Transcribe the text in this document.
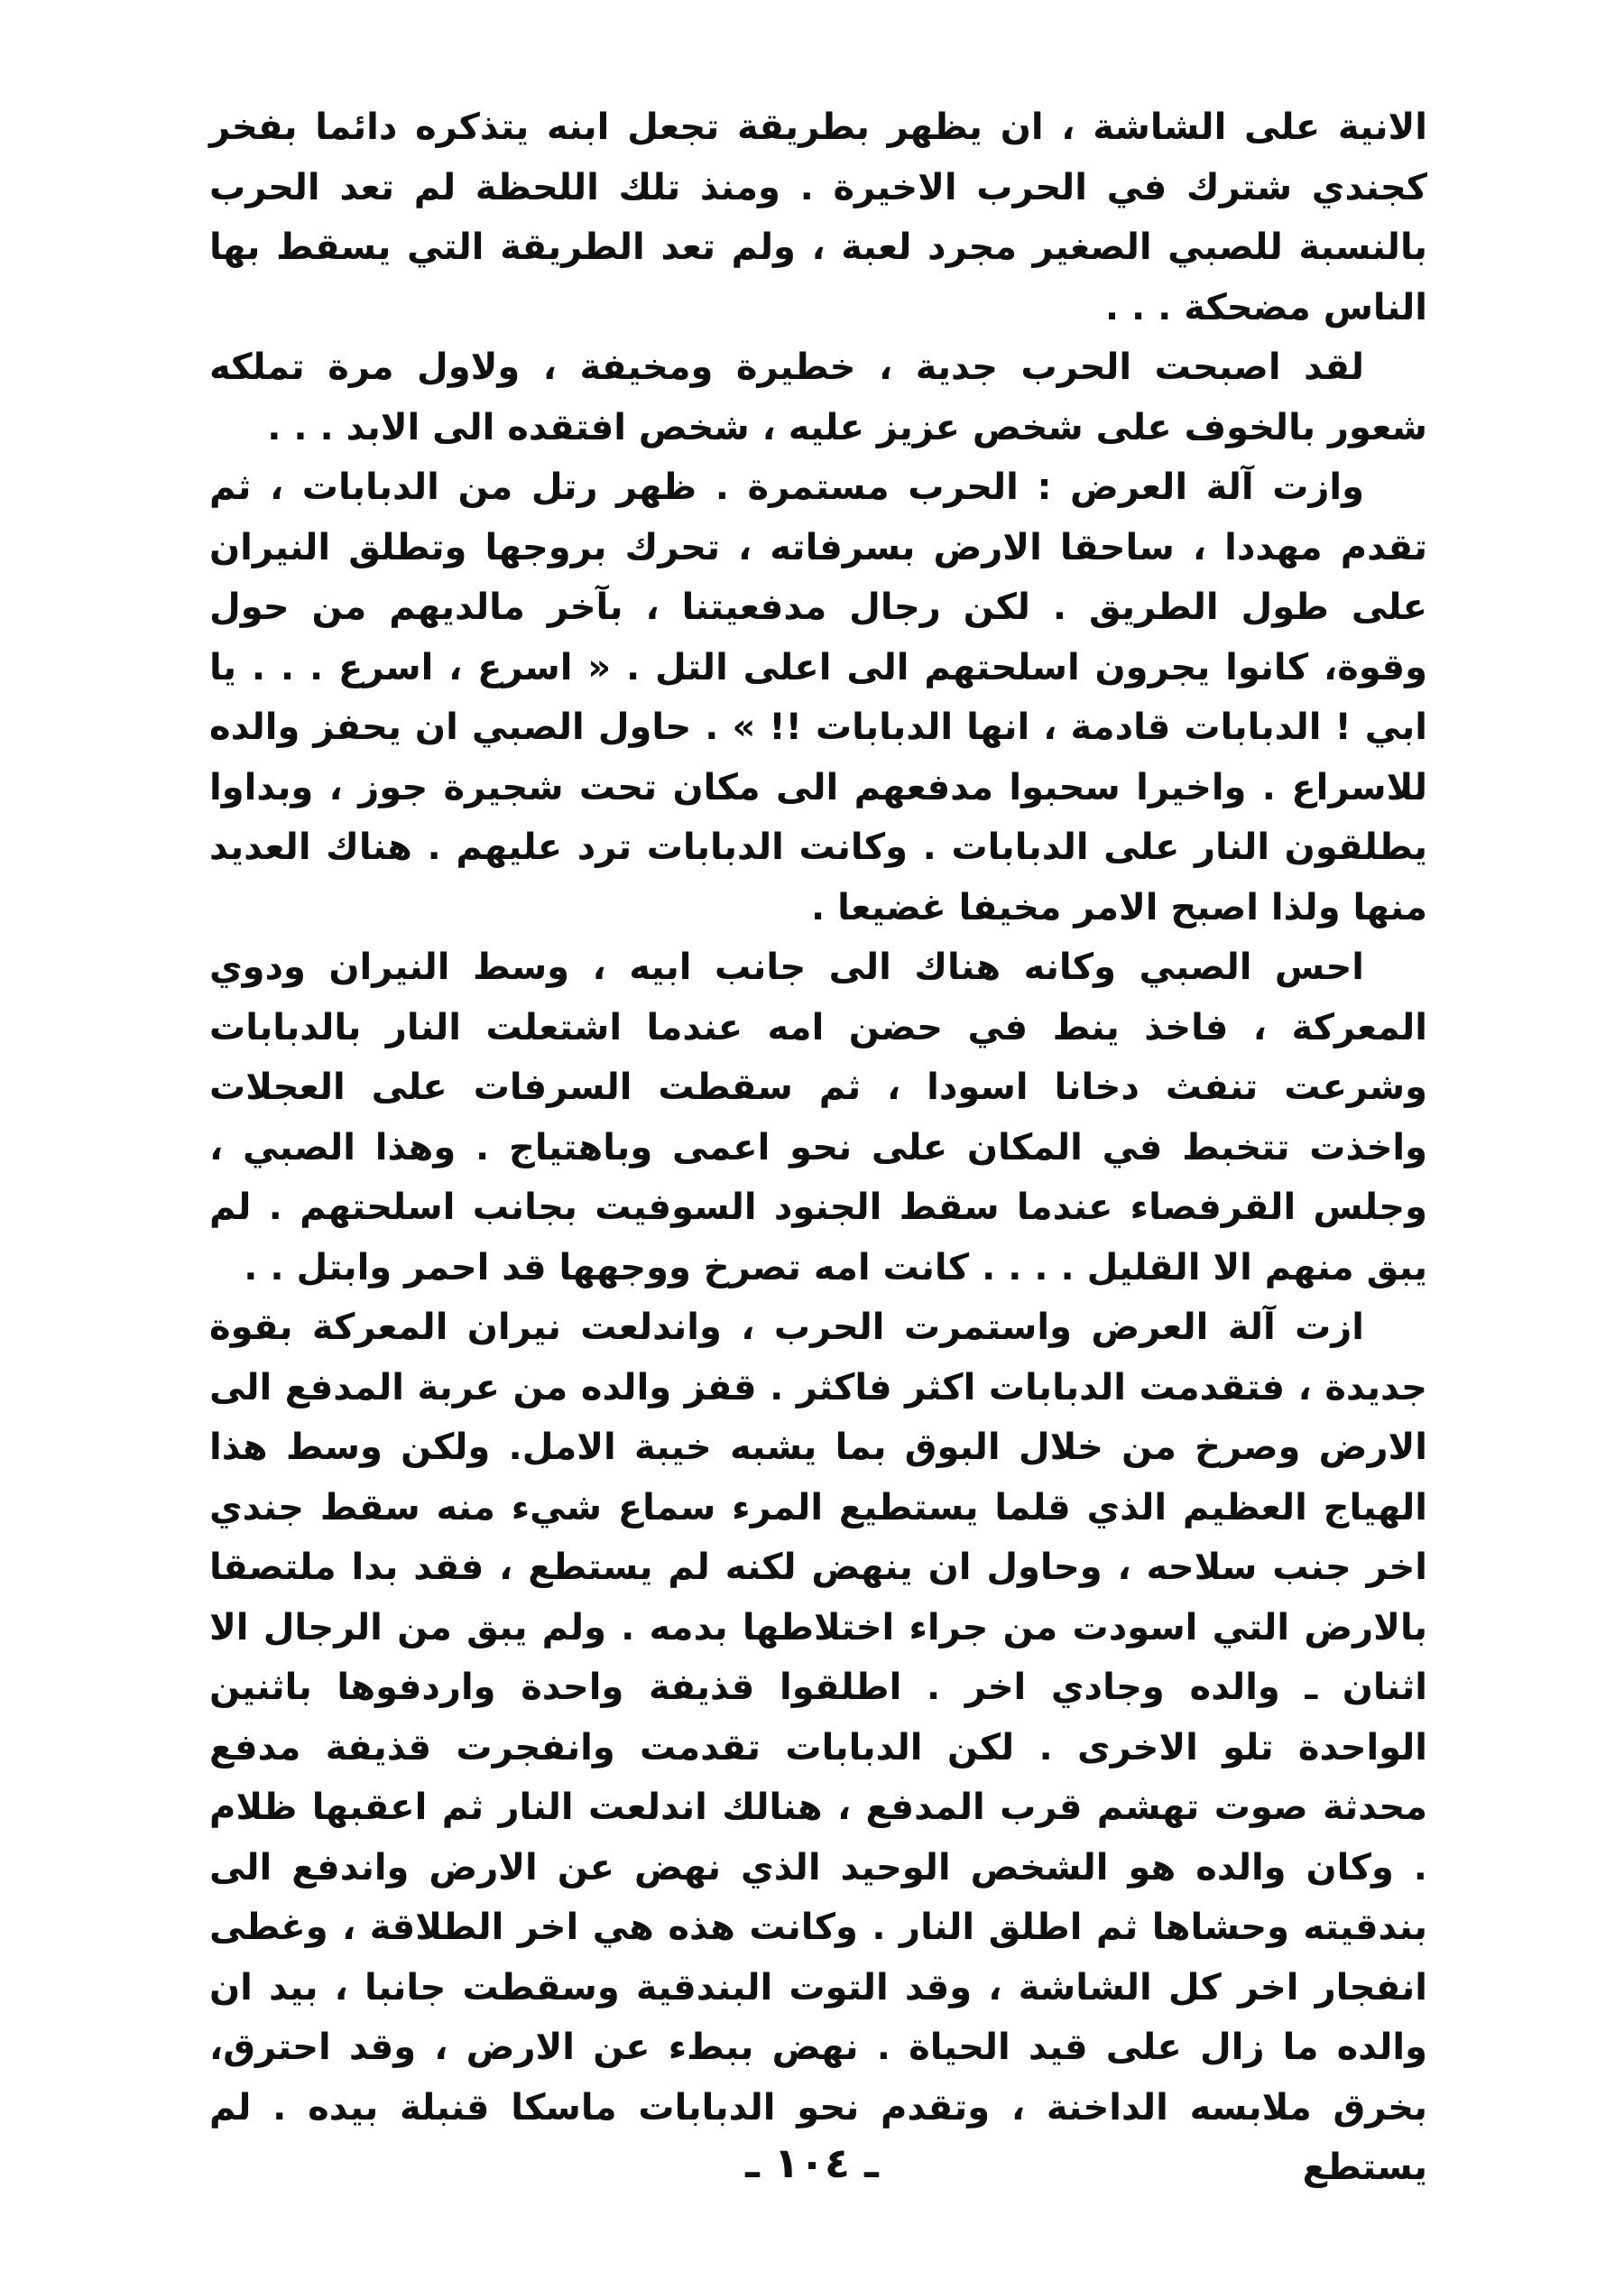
الانية على الشاشة ، ان يظهر بطريقة تجعل ابنه يتذكره دائما بفخر كجندي شترك في الحرب الاخيرة . ومنذ تلك اللحظة لم تعد الحرب بالنسبة للصبي الصغير مجرد لعبة ، ولم تعد الطريقة التي يسقط بها الناس مضحكة . . .

لقد اصبحت الحرب جدية ، خطيرة ومخيفة ، ولاول مرة تملكه شعور بالخوف على شخص عزيز عليه ، شخص افتقده الى الابد . . .

وازت آلة العرض : الحرب مستمرة . ظهر رتل من الدبابات ، ثم تقدم مهددا ، ساحقا الارض بسرفاته ، تحرك بروجها وتطلق النيران على طول الطريق . لكن رجال مدفعيتنا ، بآخر مالديهم من حول وقوة، كانوا يجرون اسلحتهم الى اعلى التل . « اسرع ، اسرع . . . يا ابي ! الدبابات قادمة ، انها الدبابات !! » . حاول الصبي ان يحفز والده للاسراع . واخيرا سحبوا مدفعهم الى مكان تحت شجيرة جوز ، وبداوا يطلقون النار على الدبابات . وكانت الدبابات ترد عليهم . هناك العديد منها ولذا اصبح الامر مخيفا غضيعا .

احس الصبي وكانه هناك الى جانب ابيه ، وسط النيران ودوي المعركة ، فاخذ ينط في حضن امه عندما اشتعلت النار بالدبابات وشرعت تنفث دخانا اسودا ، ثم سقطت السرفات على العجلات واخذت تتخبط في المكان على نحو اعمى وباهتياج . وهذا الصبي ، وجلس القرفصاء عندما سقط الجنود السوفيت بجانب اسلحتهم . لم يبق منهم الا القليل . . . . كانت امه تصرخ ووجهها قد احمر وابتل . .

ازت آلة العرض واستمرت الحرب ، واندلعت نيران المعركة بقوة جديدة ، فتقدمت الدبابات اكثر فاكثر . قفز والده من عربة المدفع الى الارض وصرخ من خلال البوق بما يشبه خيبة الامل. ولكن وسط هذا الهياج العظيم الذي قلما يستطيع المرء سماع شيء منه سقط جندي اخر جنب سلاحه ، وحاول ان ينهض لكنه لم يستطع ، فقد بدا ملتصقا بالارض التي اسودت من جراء اختلاطها بدمه . ولم يبق من الرجال الا اثنان ـ والده وجادي اخر . اطلقوا قذيفة واحدة واردفوها باثنين الواحدة تلو الاخرى . لكن الدبابات تقدمت وانفجرت قذيفة مدفع محدثة صوت تهشم قرب المدفع ، هنالك اندلعت النار ثم اعقبها ظلام . وكان والده هو الشخص الوحيد الذي نهض عن الارض واندفع الى بندقيته وحشاها ثم اطلق النار . وكانت هذه هي اخر الطلاقة ، وغطى انفجار اخر كل الشاشة ، وقد التوت البندقية وسقطت جانبا ، بيد ان والده ما زال على قيد الحياة . نهض ببطء عن الارض ، وقد احترق، بخرق ملابسه الداخنة ، وتقدم نحو الدبابات ماسكا قنبلة بيده . لم يستطع

ـ ١٠٤ ـ
